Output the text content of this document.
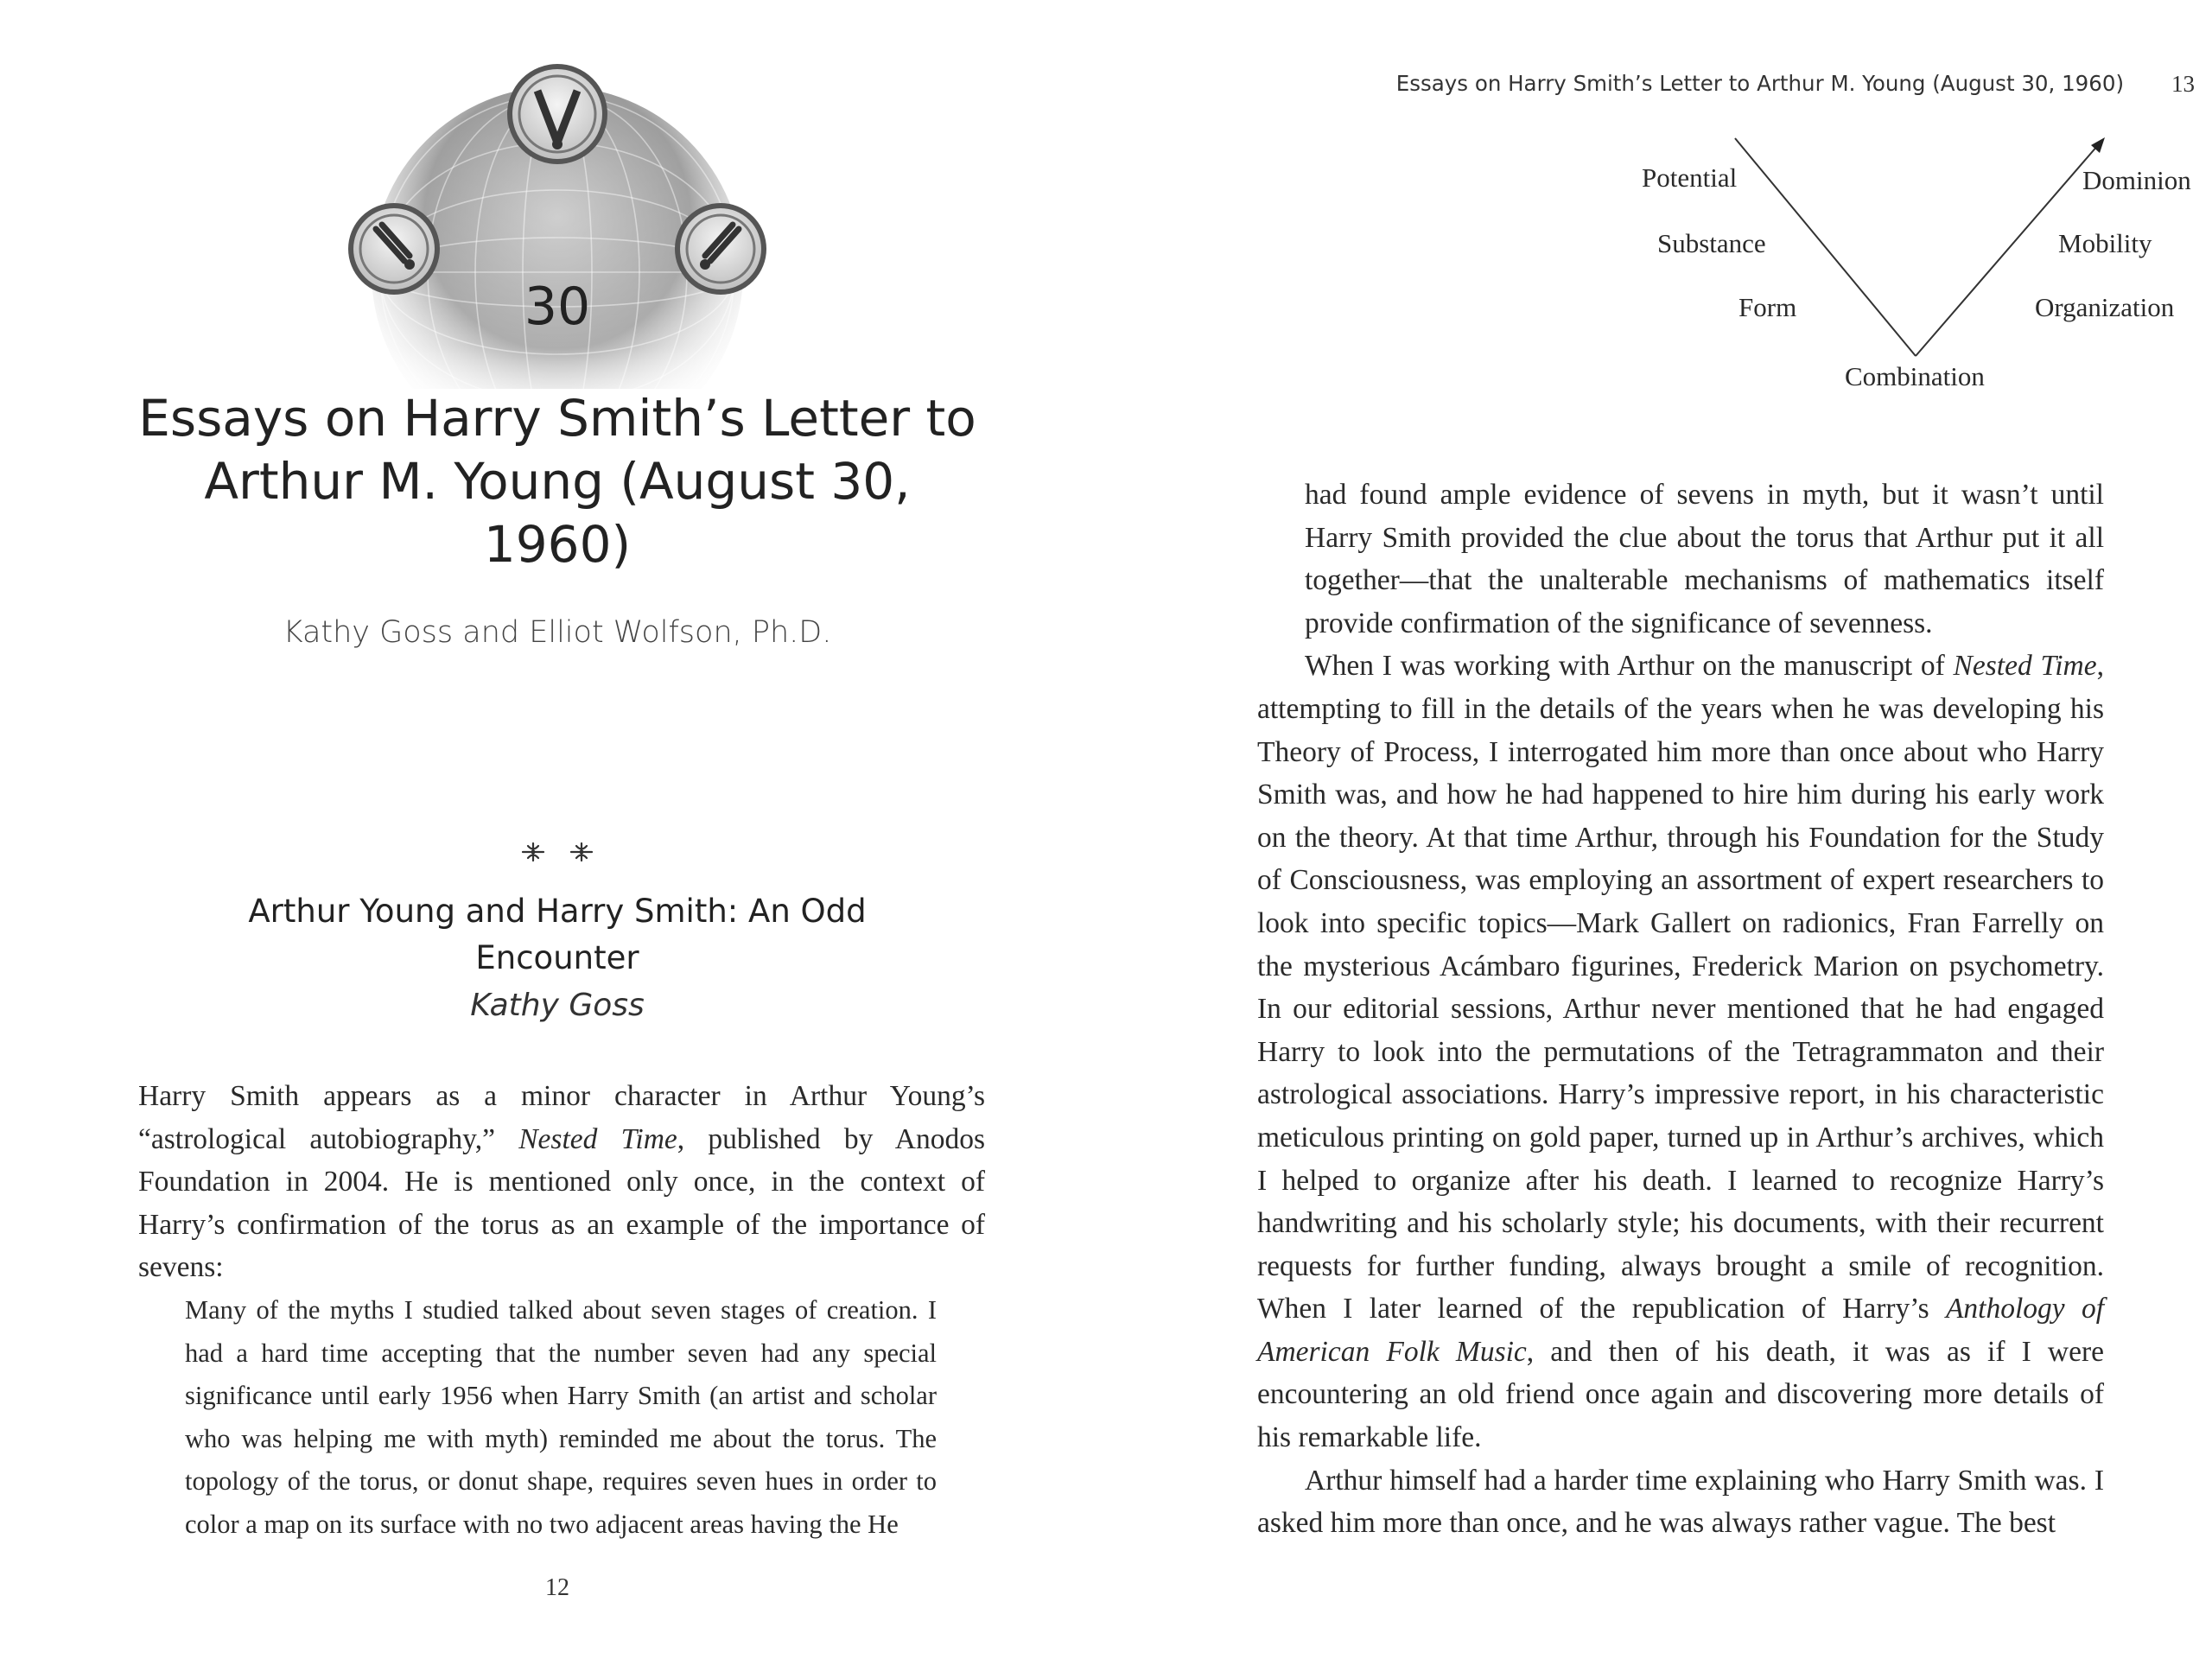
30
Essays on Harry Smith’s Letter to Arthur M. Young (August 30, 1960)
Kathy Goss and Elliot Wolfson, Ph.D.
Arthur Young and Harry Smith: An Odd Encounter
Kathy Goss

Harry Smith appears as a minor character in Arthur Young’s “astrological autobiography,” Nested Time, published by Anodos Foundation in 2004. He is mentioned only once, in the context of Harry’s confirmation of the torus as an example of the importance of sevens:

Many of the myths I studied talked about seven stages of creation. I had a hard time accepting that the number seven had any special significance until early 1956 when Harry Smith (an artist and scholar who was helping me with myth) reminded me about the torus. The topology of the torus, or donut shape, requires seven hues in order to color a map on its surface with no two adjacent areas having the He

12
Essays on Harry Smith’s Letter to Arthur M. Young (August 30, 1960) 13
Potential
Substance
Form
Combination
Dominion
Mobility
Organization

had found ample evidence of sevens in myth, but it wasn’t until Harry Smith provided the clue about the torus that Arthur put it all together—that the unalterable mechanisms of mathematics itself provide confirmation of the significance of sevenness.

When I was working with Arthur on the manuscript of Nested Time, attempting to fill in the details of the years when he was developing his Theory of Process, I interrogated him more than once about who Harry Smith was, and how he had happened to hire him during his early work on the theory. At that time Arthur, through his Foundation for the Study of Consciousness, was employing an assortment of expert researchers to look into specific topics—Mark Gallert on radionics, Fran Farrelly on the mysterious Acámbaro figurines, Frederick Marion on psychometry. In our editorial sessions, Arthur never mentioned that he had engaged Harry to look into the permutations of the Tetragrammaton and their astrological associations. Harry’s impressive report, in his characteristic meticulous printing on gold paper, turned up in Arthur’s archives, which I helped to organize after his death. I learned to recognize Harry’s handwriting and his scholarly style; his documents, with their recurrent requests for further funding, always brought a smile of recognition. When I later learned of the republication of Harry’s Anthology of American Folk Music, and then of his death, it was as if I were encountering an old friend once again and discovering more details of his remarkable life.

Arthur himself had a harder time explaining who Harry Smith was. I asked him more than once, and he was always rather vague. The best
